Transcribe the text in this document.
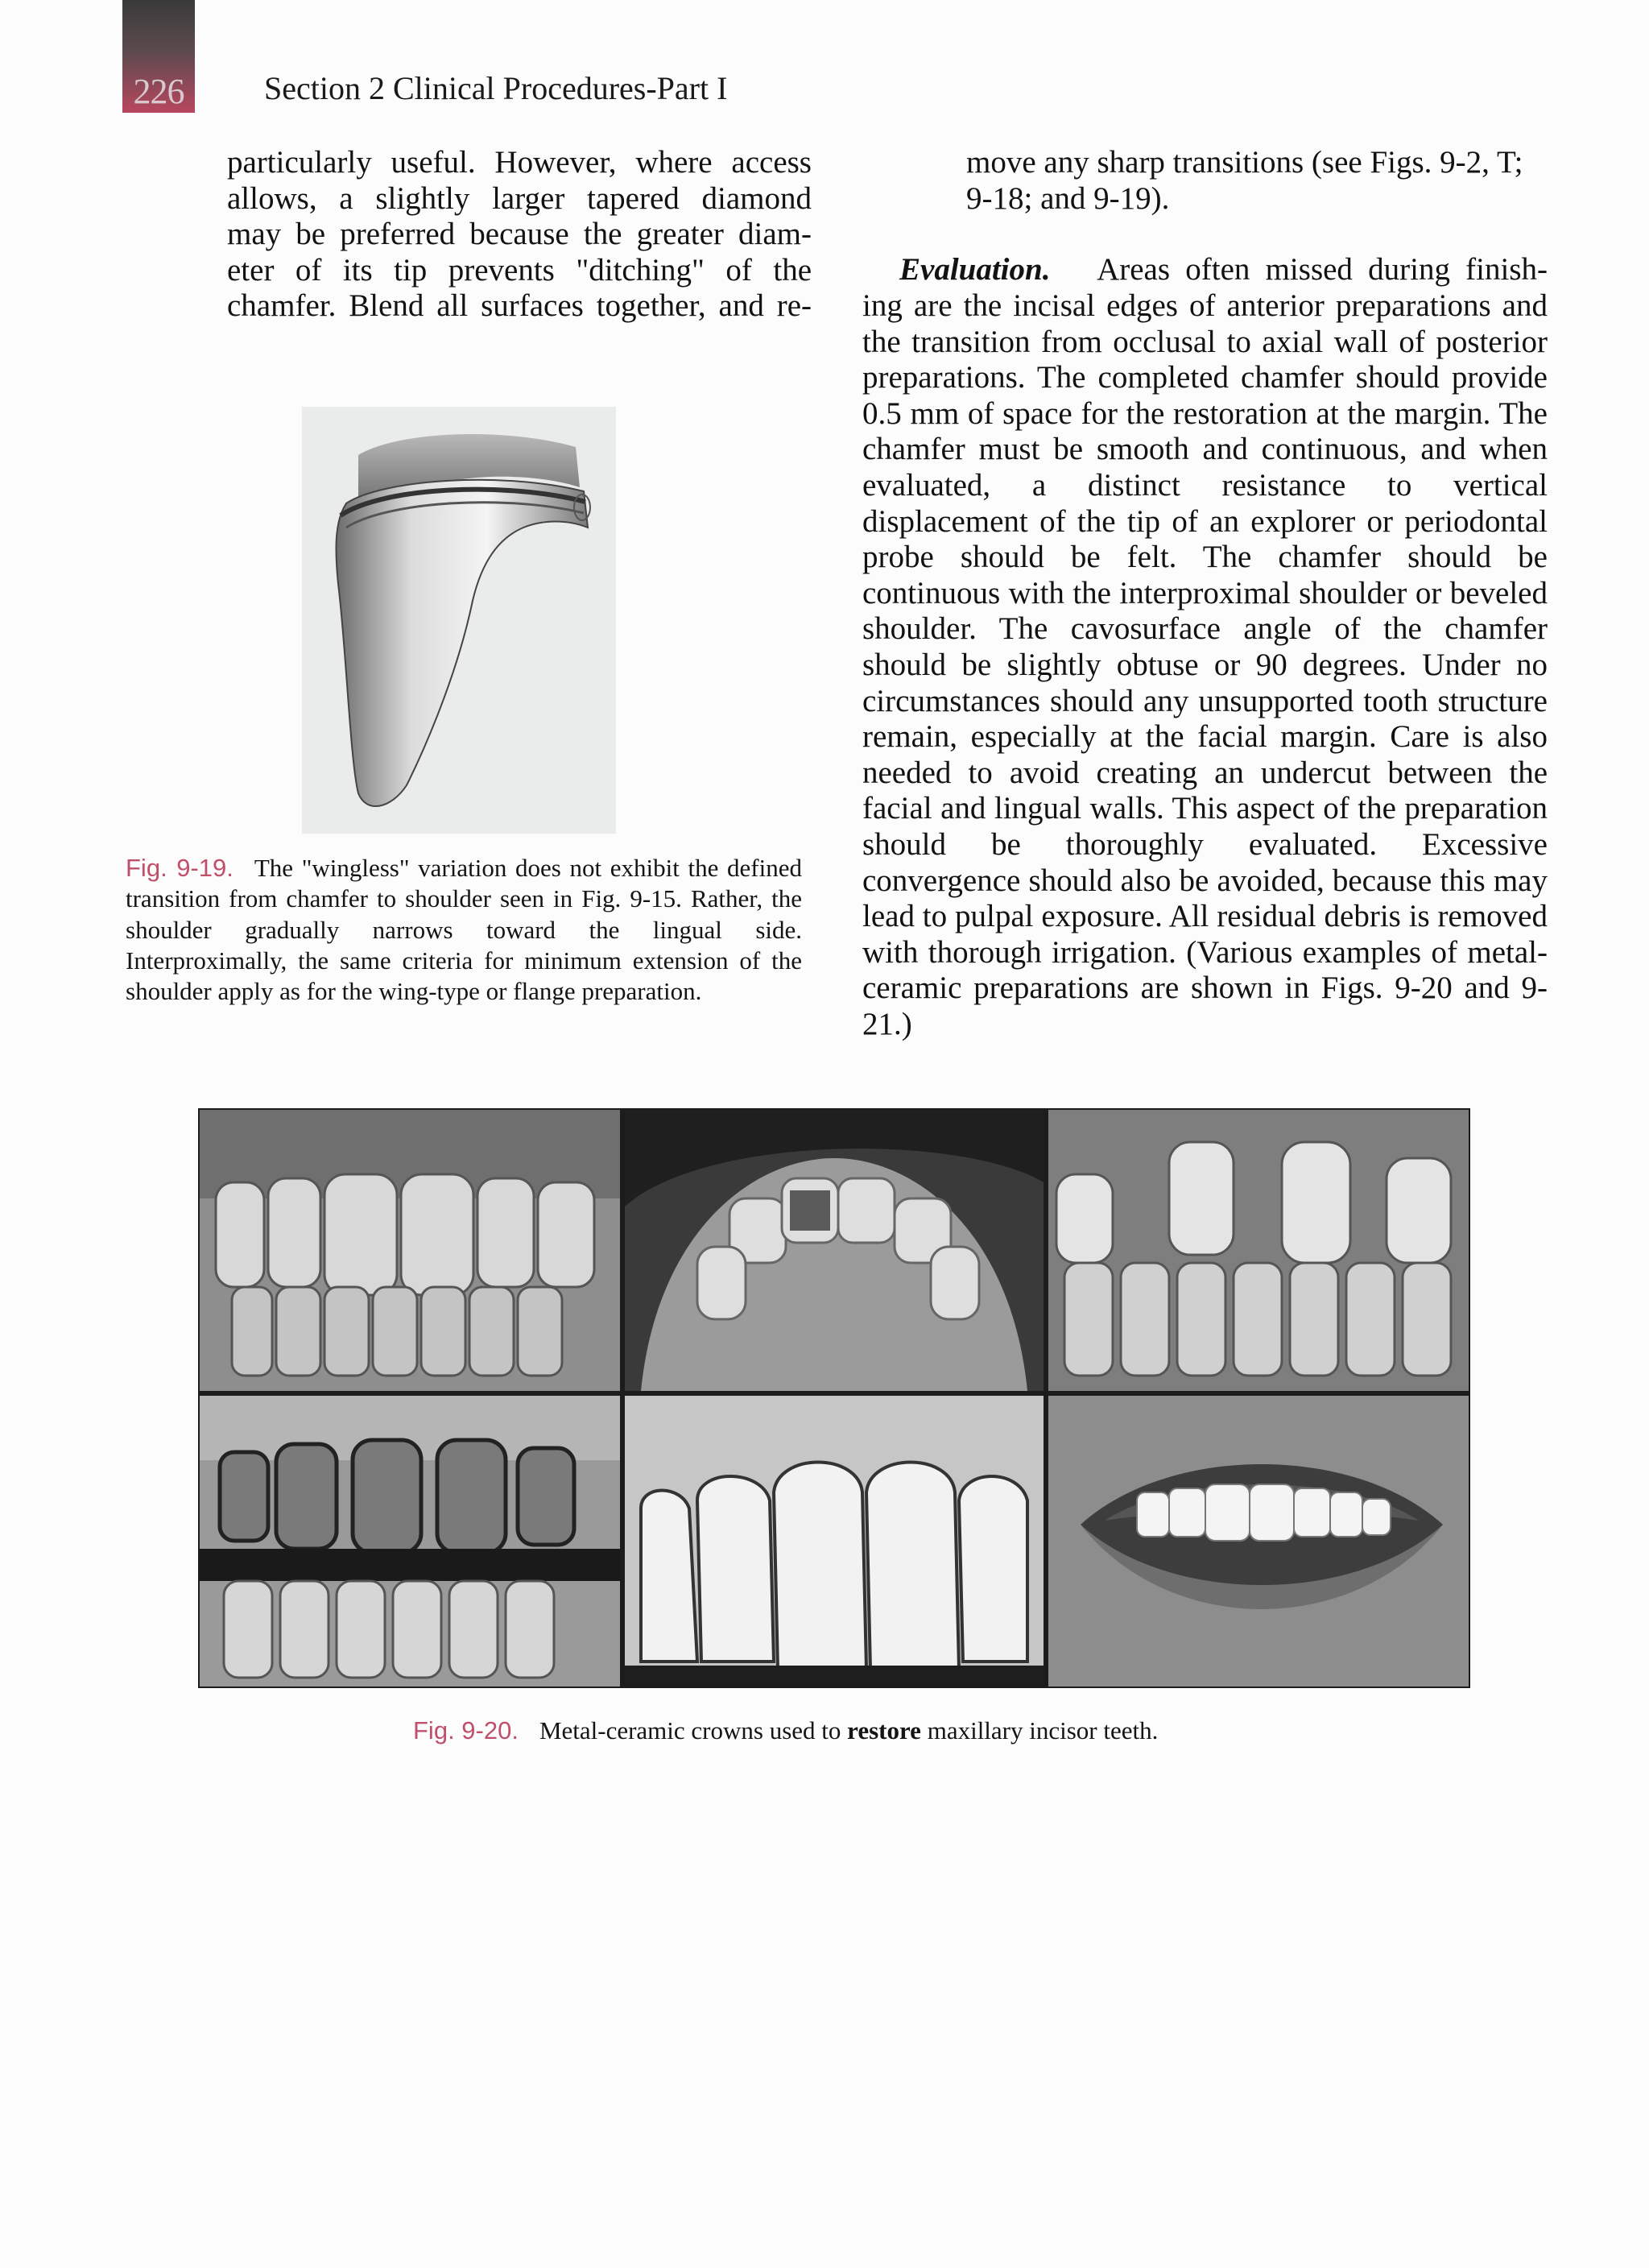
226 Section 2 Clinical Procedures-Part I
particularly useful. However, where access
allows, a slightly larger tapered diamond
may be preferred because the greater diam-
eter of its tip prevents "ditching" of the
chamfer. Blend all surfaces together, and re-
Fig. 9-19. The "wingless" variation does not exhibit the defined transition from chamfer to shoulder seen in Fig. 9-15. Rather, the shoulder gradually narrows toward the lingual side. Interproximally, the same criteria for minimum extension of the shoulder apply as for the wing-type or flange preparation.
move any sharp transitions (see Figs. 9-2, T; 9-18; and 9-19).
Evaluation. Areas often missed during finish-
ing are the incisal edges of anterior preparations and the transition from occlusal to axial wall of posterior preparations. The completed chamfer should provide 0.5 mm of space for the restoration at the margin. The chamfer must be smooth and continuous, and when evaluated, a distinct resistance to vertical displacement of the tip of an explorer or periodontal probe should be felt. The chamfer should be continuous with the interproximal shoulder or beveled shoulder. The cavosurface angle of the chamfer should be slightly obtuse or 90 degrees. Under no circumstances should any unsupported tooth structure remain, especially at the facial margin. Care is also needed to avoid creating an undercut between the facial and lingual walls. This aspect of the preparation should be thoroughly evaluated. Excessive convergence should also be avoided, because this may lead to pulpal exposure. All residual debris is removed with thorough irrigation. (Various examples of metal-ceramic preparations are shown in Figs. 9-20 and 9-21.)
Fig. 9-20. Metal-ceramic crowns used to restore maxillary incisor teeth.
